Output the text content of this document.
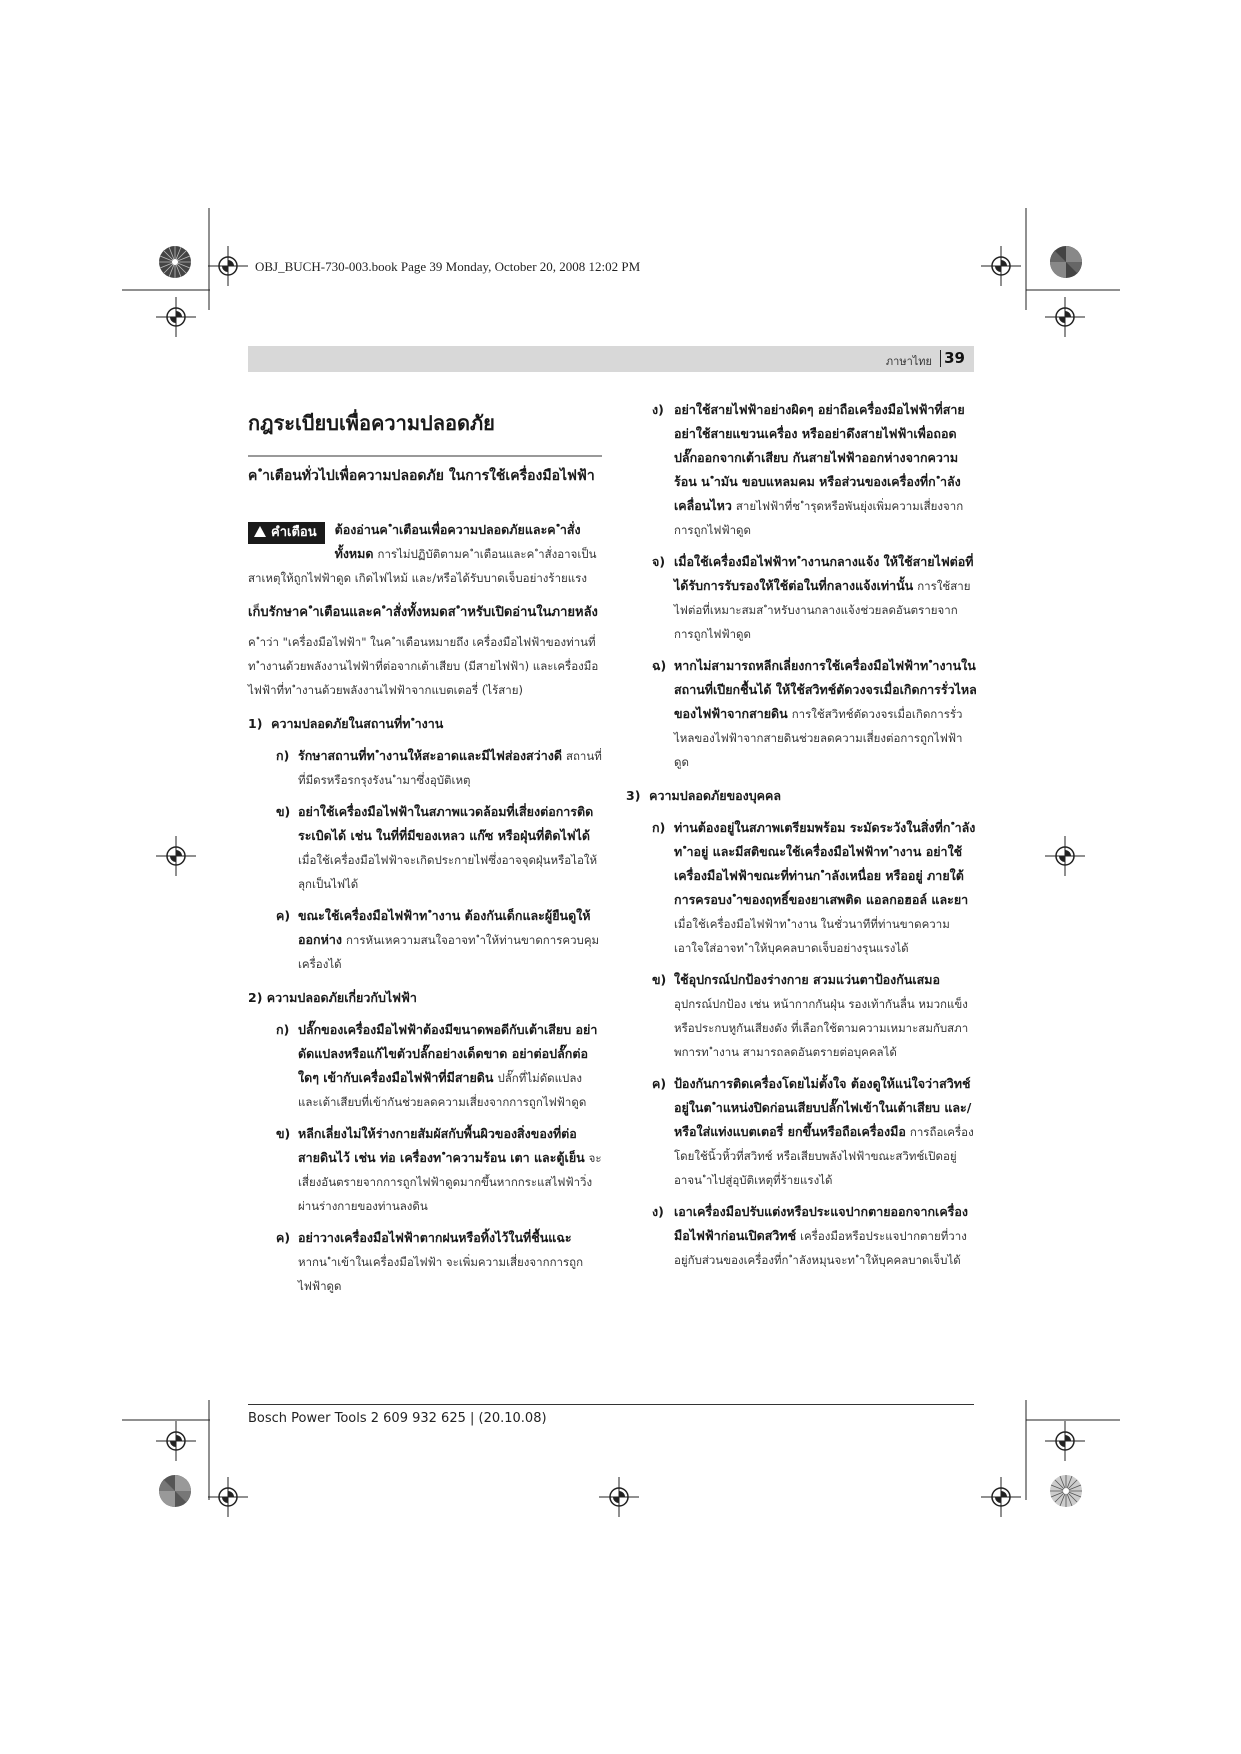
OBJ_BUCH-730-003.book Page 39 Monday, October 20, 2008 12:02 PM
ภาษาไทย 39
กฎระเบียบเพื่อความปลอดภัย
ค ําเตือนทั่วไปเพื่อความปลอดภัย ในการใช้เครื่องมือไฟฟ้า
คําเตือน	ต้องอ่านค ําเตือนเพื่อความปลอดภัยและค ําสั่งทั้งหมด การไม่ปฏิบัติตามค ําเตือนและค ําสั่งอาจเป็นสาเหตุให้ถูกไฟฟ้าดูด เกิดไฟไหม้ และ/หรือได้รับบาดเจ็บอย่างร้ายแรง

เก็บรักษาค ําเตือนและค ําสั่งทั้งหมดส ําหรับเปิดอ่านในภายหลัง

ค ําว่า "เครื่องมือไฟฟ้า" ในค ําเตือนหมายถึง เครื่องมือไฟฟ้าของท่านที่ท ํางานด้วยพลังงานไฟฟ้าที่ต่อจากเต้าเสียบ (มีสายไฟฟ้า) และเครื่องมือไฟฟ้าที่ท ํางานด้วยพลังงานไฟฟ้าจากแบตเตอรี่ (ไร้สาย)

1) ความปลอดภัยในสถานที่ท ํางาน
ก) รักษาสถานที่ท ํางานให้สะอาดและมีไฟส่องสว่างดี สถานที่ที่มีดรหรือรกรุงรังน ํามาซึ่งอุบัติเหตุ
ข) อย่าใช้เครื่องมือไฟฟ้าในสภาพแวดล้อมที่เสี่ยงต่อการติดระเบิดได้ เช่น ในที่ที่มีของเหลว แก๊ซ หรือฝุ่นที่ติดไฟได้ เมื่อใช้เครื่องมือไฟฟ้าจะเกิดประกายไฟซึ่งอาจจุดฝุ่นหรือไอให้ลุกเป็นไฟได้
ค) ขณะใช้เครื่องมือไฟฟ้าท ํางาน ต้องกันเด็กและผู้ยืนดูให้ออกห่าง การหันเหความสนใจอาจท ําให้ท่านขาดการควบคุมเครื่องได้
2) ความปลอดภัยเกี่ยวกับไฟฟ้า
ก) ปลั๊กของเครื่องมือไฟฟ้าต้องมีขนาดพอดีกับเต้าเสียบ อย่าดัดแปลงหรือแก้ไขตัวปลั๊กอย่างเด็ดขาด อย่าต่อปลั๊กต่อใดๆ เข้ากับเครื่องมือไฟฟ้าที่มีสายดิน ปลั๊กที่ไม่ดัดแปลงและเต้าเสียบที่เข้ากันช่วยลดความเสี่ยงจากการถูกไฟฟ้าดูด
ข) หลีกเลี่ยงไม่ให้ร่างกายสัมผัสกับพื้นผิวของสิ่งของที่ต่อสายดินไว้ เช่น ท่อ เครื่องท ําความร้อน เตา และตู้เย็น จะเสี่ยงอันตรายจากการถูกไฟฟ้าดูดมากขึ้นหากกระแสไฟฟ้าวิ่งผ่านร่างกายของท่านลงดิน
ค) อย่าวางเครื่องมือไฟฟ้าตากฝนหรือทิ้งไว้ในที่ชื้นแฉะ หากน ําเข้าในเครื่องมือไฟฟ้า จะเพิ่มความเสี่ยงจากการถูกไฟฟ้าดูด
ง) อย่าใช้สายไฟฟ้าอย่างผิดๆ อย่าถือเครื่องมือไฟฟ้าที่สาย อย่าใช้สายแขวนเครื่อง หรืออย่าดึงสายไฟฟ้าเพื่อถอดปลั๊กออกจากเต้าเสียบ กันสายไฟฟ้าออกห่างจากความร้อน น ํามัน ขอบแหลมคม หรือส่วนของเครื่องที่ก ําลังเคลื่อนไหว สายไฟฟ้าที่ช ํารุดหรือพันยุ่งเพิ่มความเสี่ยงจากการถูกไฟฟ้าดูด
จ) เมื่อใช้เครื่องมือไฟฟ้าท ํางานกลางแจ้ง ให้ใช้สายไฟต่อที่ได้รับการรับรองให้ใช้ต่อในที่กลางแจ้งเท่านั้น การใช้สายไฟต่อที่เหมาะสมส ําหรับงานกลางแจ้งช่วยลดอันตรายจากการถูกไฟฟ้าดูด
ฉ) หากไม่สามารถหลีกเลี่ยงการใช้เครื่องมือไฟฟ้าท ํางานในสถานที่เปียกชื้นได้ ให้ใช้สวิทช์ตัดวงจรเมื่อเกิดการรั่วไหลของไฟฟ้าจากสายดิน การใช้สวิทช์ตัดวงจรเมื่อเกิดการรั่วไหลของไฟฟ้าจากสายดินช่วยลดความเสี่ยงต่อการถูกไฟฟ้าดูด
3) ความปลอดภัยของบุคคล
ก) ท่านต้องอยู่ในสภาพเตรียมพร้อม ระมัดระวังในสิ่งที่ก ําลังท ําอยู่ และมีสติขณะใช้เครื่องมือไฟฟ้าท ํางาน อย่าใช้เครื่องมือไฟฟ้าขณะที่ท่านก ําลังเหนื่อย หรืออยู่ ภายใต้การครอบง ําของฤทธิ์ของยาเสพติด แอลกอฮอล์ และยา เมื่อใช้เครื่องมือไฟฟ้าท ํางาน ในชั่วนาทีที่ท่านขาดความเอาใจใส่อาจท ําให้บุคคลบาดเจ็บอย่างรุนแรงได้
ข) ใช้อุปกรณ์ปกป้องร่างกาย สวมแว่นตาป้องกันเสมอ อุปกรณ์ปกป้อง เช่น หน้ากากกันฝุ่น รองเท้ากันลื่น หมวกแข็ง หรือประกบหูกันเสียงดัง ที่เลือกใช้ตามความเหมาะสมกับสภาพการท ํางาน สามารถลดอันตรายต่อบุคคลได้
ค) ป้องกันการติดเครื่องโดยไม่ตั้งใจ ต้องดูให้แน่ใจว่าสวิทช์อยู่ในต ําแหน่งปิดก่อนเสียบปลั๊กไฟเข้าในเต้าเสียบ และ/หรือใส่แท่งแบตเตอรี่ ยกขึ้นหรือถือเครื่องมือ การถือเครื่องโดยใช้นิ้วหิ้วที่สวิทช์ หรือเสียบพลังไฟฟ้าขณะสวิทช์เปิดอยู่ อาจน ําไปสู่อุบัติเหตุที่ร้ายแรงได้
ง) เอาเครื่องมือปรับแต่งหรือประแจปากตายออกจากเครื่องมือไฟฟ้าก่อนเปิดสวิทช์ เครื่องมือหรือประแจปากตายที่วางอยู่กับส่วนของเครื่องที่ก ําลังหมุนจะท ําให้บุคคลบาดเจ็บได้
Bosch Power Tools 2 609 932 625 | (20.10.08)
